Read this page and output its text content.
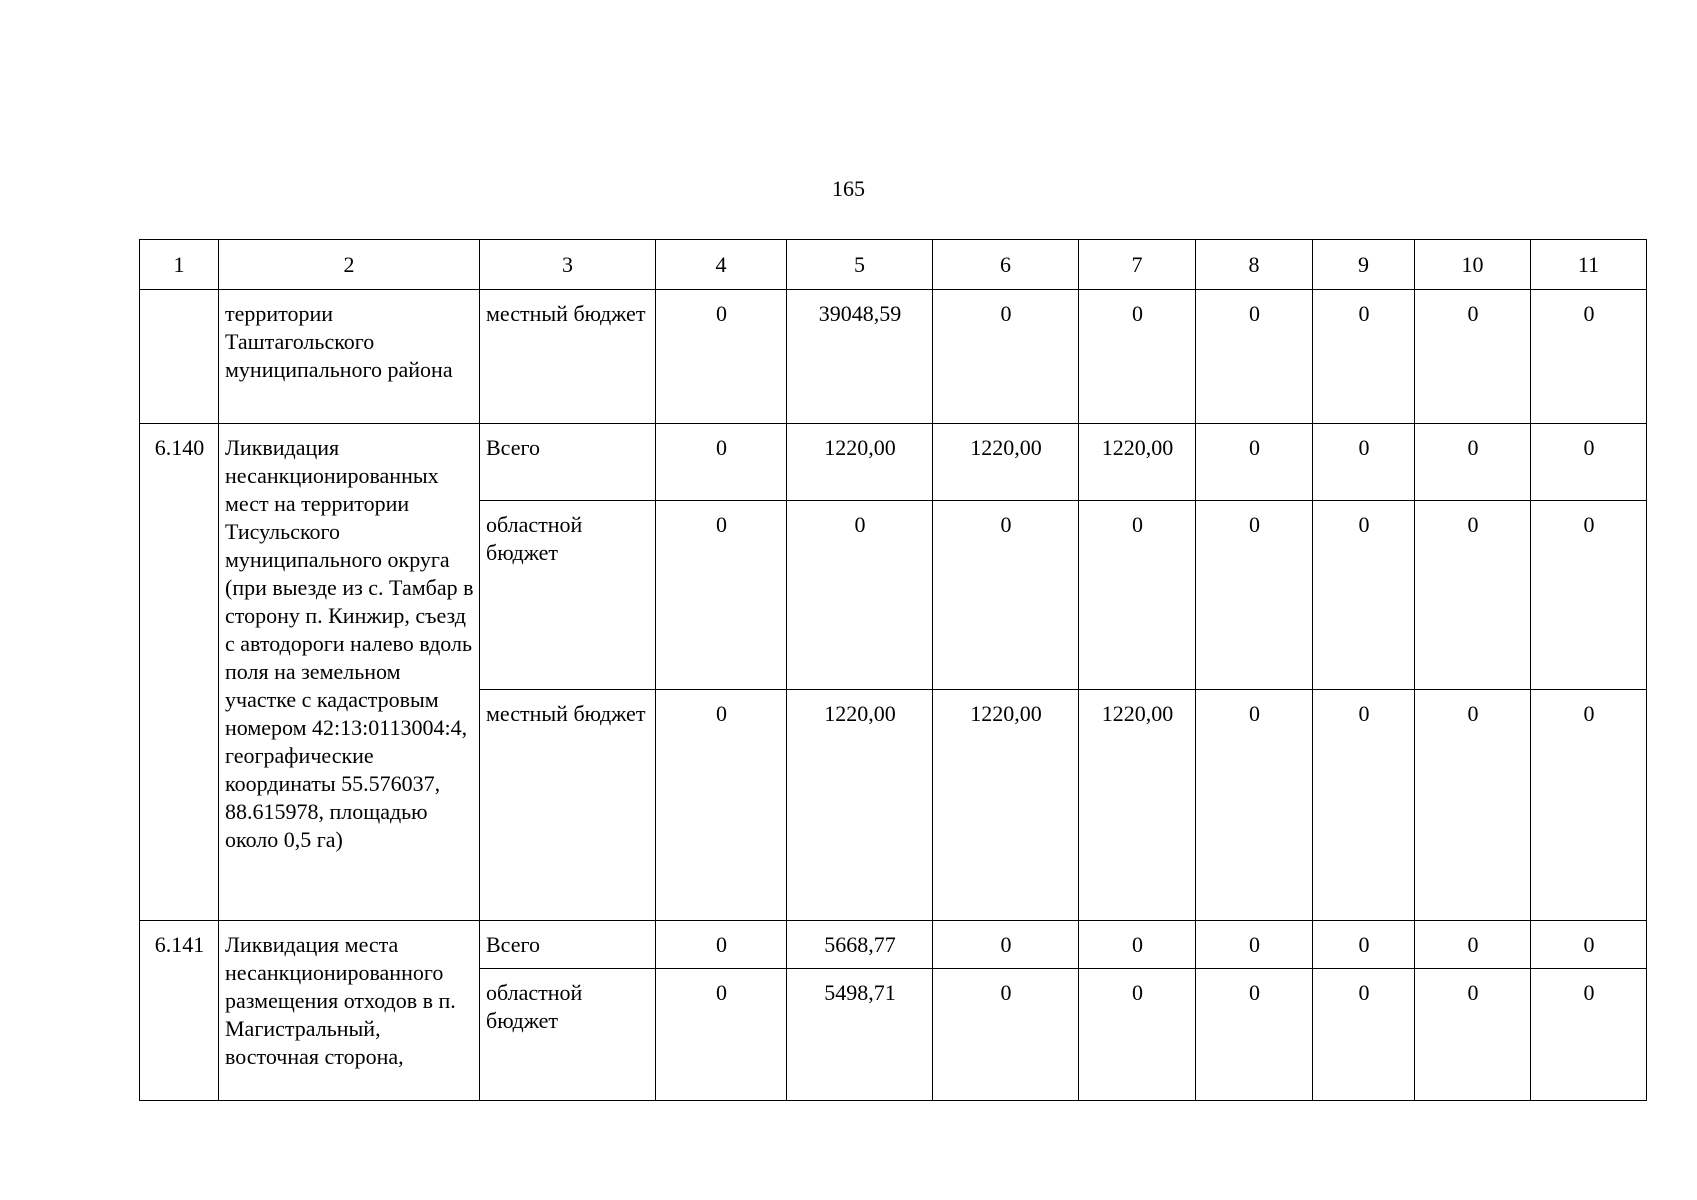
165
1	2	3	4	5	6	7	8	9	10	11
	территории Таштагольского муниципального района	местный бюджет	0	39048,59	0	0	0	0	0	0
6.140	Ликвидация несанкционированных мест на территории Тисульского муниципального округа (при выезде из с. Тамбар в сторону п. Кинжир, съезд с автодороги налево вдоль поля на земельном участке с кадастровым номером 42:13:0113004:4, географические координаты 55.576037, 88.615978, площадью около 0,5 га)	Всего	0	1220,00	1220,00	1220,00	0	0	0	0
		областной бюджет	0	0	0	0	0	0	0	0
		местный бюджет	0	1220,00	1220,00	1220,00	0	0	0	0
6.141	Ликвидация места несанкционированного размещения отходов в п. Магистральный, восточная сторона,	Всего	0	5668,77	0	0	0	0	0	0
		областной бюджет	0	5498,71	0	0	0	0	0	0
